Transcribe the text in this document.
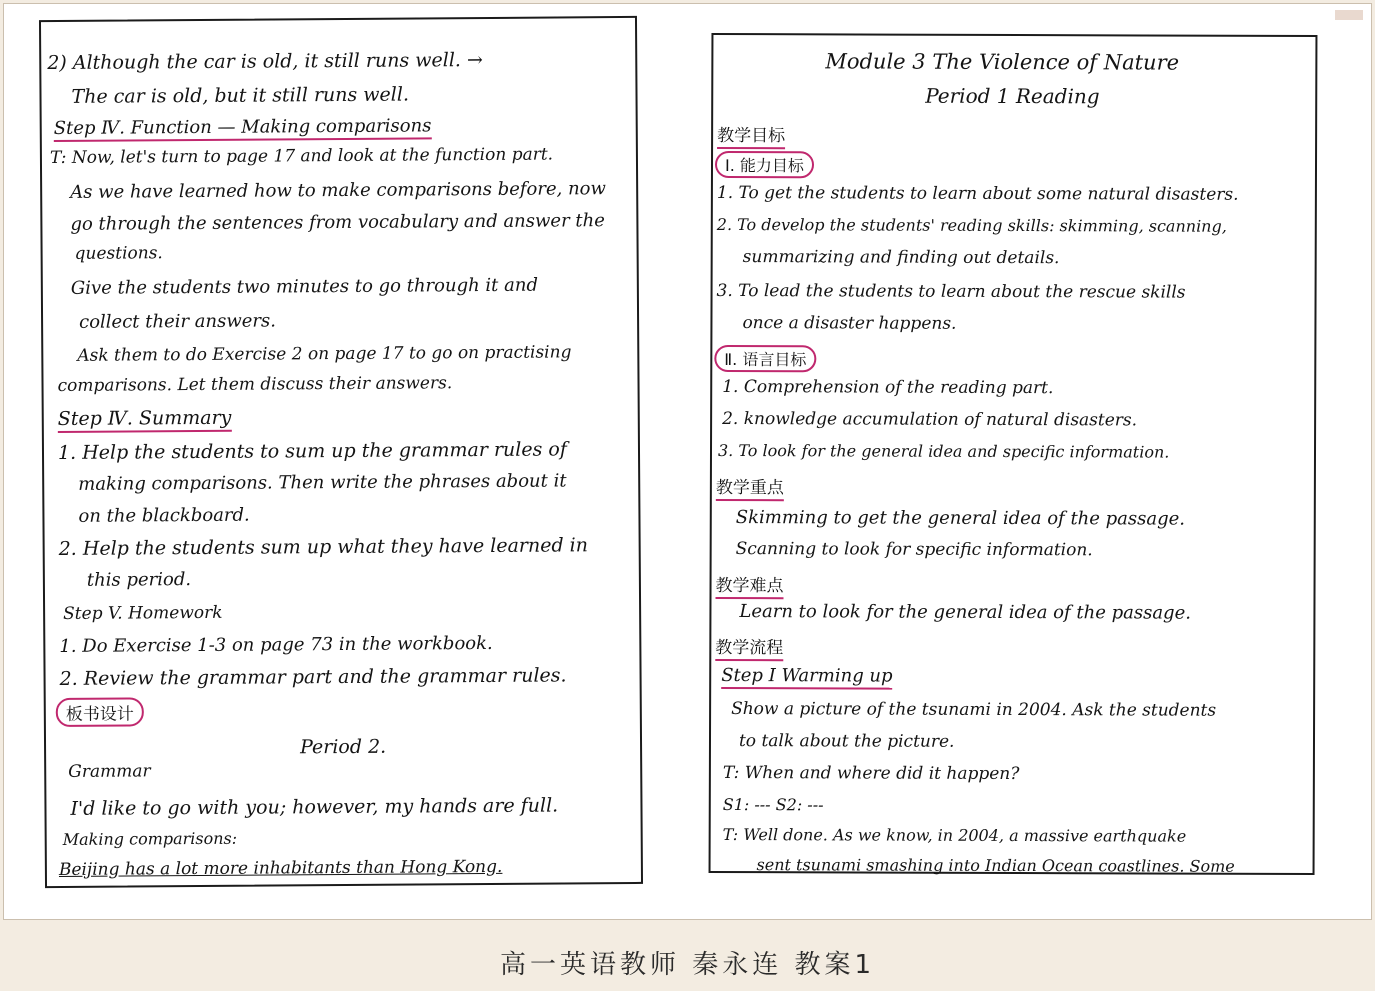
2) Although the car is old, it still runs well. →
The car is old, but it still runs well.
Step Ⅳ. Function — Making comparisons
T: Now, let's turn to page 17 and look at the function part.
As we have learned how to make comparisons before, now
go through the sentences from vocabulary and answer the
questions.
Give the students two minutes to go through it and
collect their answers.
Ask them to do Exercise 2 on page 17 to go on practising
comparisons. Let them discuss their answers.
Step Ⅳ. Summary
1. Help the students to sum up the grammar rules of
making comparisons. Then write the phrases about it
on the blackboard.
2. Help the students sum up what they have learned in
this period.
Step V. Homework
1. Do Exercise 1-3 on page 73 in the workbook.
2. Review the grammar part and the grammar rules.
板书设计
Period 2.
Grammar
I'd like to go with you; however, my hands are full.
Making comparisons:
Beijing has a lot more inhabitants than Hong Kong.
Module 3 The Violence of Nature
Period 1 Reading
教学目标
Ⅰ. 能力目标
1. To get the students to learn about some natural disasters.
2. To develop the students' reading skills: skimming, scanning,
summarizing and finding out details.
3. To lead the students to learn about the rescue skills
once a disaster happens.
Ⅱ. 语言目标
1. Comprehension of the reading part.
2. knowledge accumulation of natural disasters.
3. To look for the general idea and specific information.
教学重点
Skimming to get the general idea of the passage.
Scanning to look for specific information.
教学难点
Learn to look for the general idea of the passage.
教学流程
Step Ⅰ Warming up
Show a picture of the tsunami in 2004. Ask the students
to talk about the picture.
T: When and where did it happen?
S1: --- S2: ---
T: Well done. As we know, in 2004, a massive earthquake
sent tsunami smashing into Indian Ocean coastlines. Some
高一英语教师 秦永连 教案1
